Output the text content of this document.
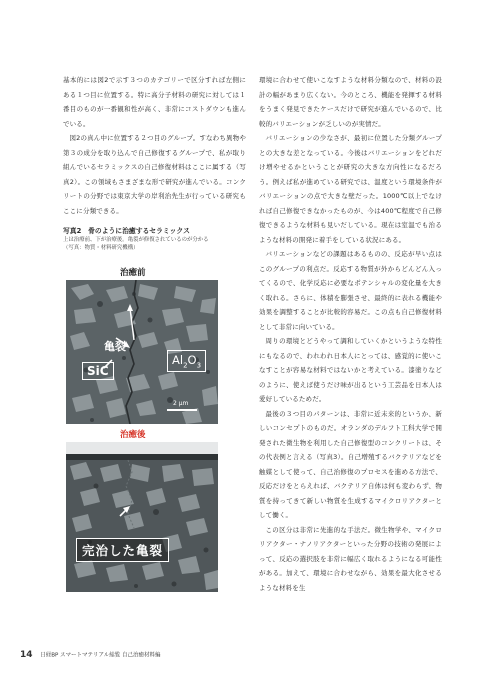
基本的には図2で示す３つのカテゴリーで区分すれば左側にある１つ目に位置する。特に高分子材料の研究に対しては１番目のものが一番観和性が高く、非常にコストダウンも進んでいる。

図2の真ん中に位置する２つ目のグループ。すなわち異物や第３の成分を取り込んで自己修復するグループで、私が取り組んでいるセラミックスの自己修復材料はここに属する（写真2）。この領域もさまざまな形で研究が進んでいる。コンクリートの分野では東京大学の岸利治先生が行っている研究もここに分類できる。

写真2　骨のように治癒するセラミックス

上は治療前、下が治療後。亀裂が修復されているのが分かる

（写真：物質・材料研究機構）

治癒前
亀裂
SiC
$Al_2O_3$
2 μm
治癒後
完治した亀裂

環境に合わせて使いこなすような材料分類なので、材料の設計の幅があまり広くない。今のところ、機能を発揮する材料をうまく発見できたケースだけで研究が進んでいるので、比較的バリエーションが乏しいのが実情だ。

バリエーションの少なさが、最初に位置した分類グループとの大きな差となっている。今後はバリエーションをどれだけ増やせるかということが研究の大きな方向性になるだろう。例えば私が進めている研究では、温度という環境条件がバリエーションの点で大きな壁だった。1000℃以上でなければ自己修復できなかったものが、今は400℃程度で自己修復できるような材料も見いだしている。現在は室温でも治るような材料の開発に着手をしている状況にある。

バリエーションなどの課題はあるものの、反応が早い点はこのグループの利点だ。反応する物質が外からどんどん入ってくるので、化学反応に必要なポテンシャルの変化量を大きく取れる。さらに、体積を膨張させ、最終的に表れる機能や効果を調整することが比較的容易だ。この点も自己修復材料として非常に向いている。

周りの環境とどうやって調和していくかというような特性にもなるので、われわれ日本人にとっては、感覚的に使いこなすことが容易な材料ではないかと考えている。漆塗りなどのように、使えば使うだけ味が出るという工芸品を日本人は愛好しているためだ。

最後の３つ目のパターンは、非常に近未来的というか、新しいコンセプトのものだ。オランダのデルフト工科大学で開発された微生物を利用した自己修復型のコンクリートは、その代表例と言える（写真3）。自己増殖するバクテリアなどを触媒として使って、自己治修復のプロセスを進める方法で、反応だけをとらえれば、バクテリア自体は何も変わらず、物質を持ってきて新しい物質を生成するマイクロリアクターとして働く。

この区分は非常に先進的な手法だ。微生物学や、マイクロリアクター・ナノリアクターといった分野の技術の発展によって、反応の選択肢を非常に幅広く取れるようになる可能性がある。加えて、環境に合わせながら、効果を最大化させるような材料を生

14 日経BP スマートマテリアル総覧 自己治癒材料編
